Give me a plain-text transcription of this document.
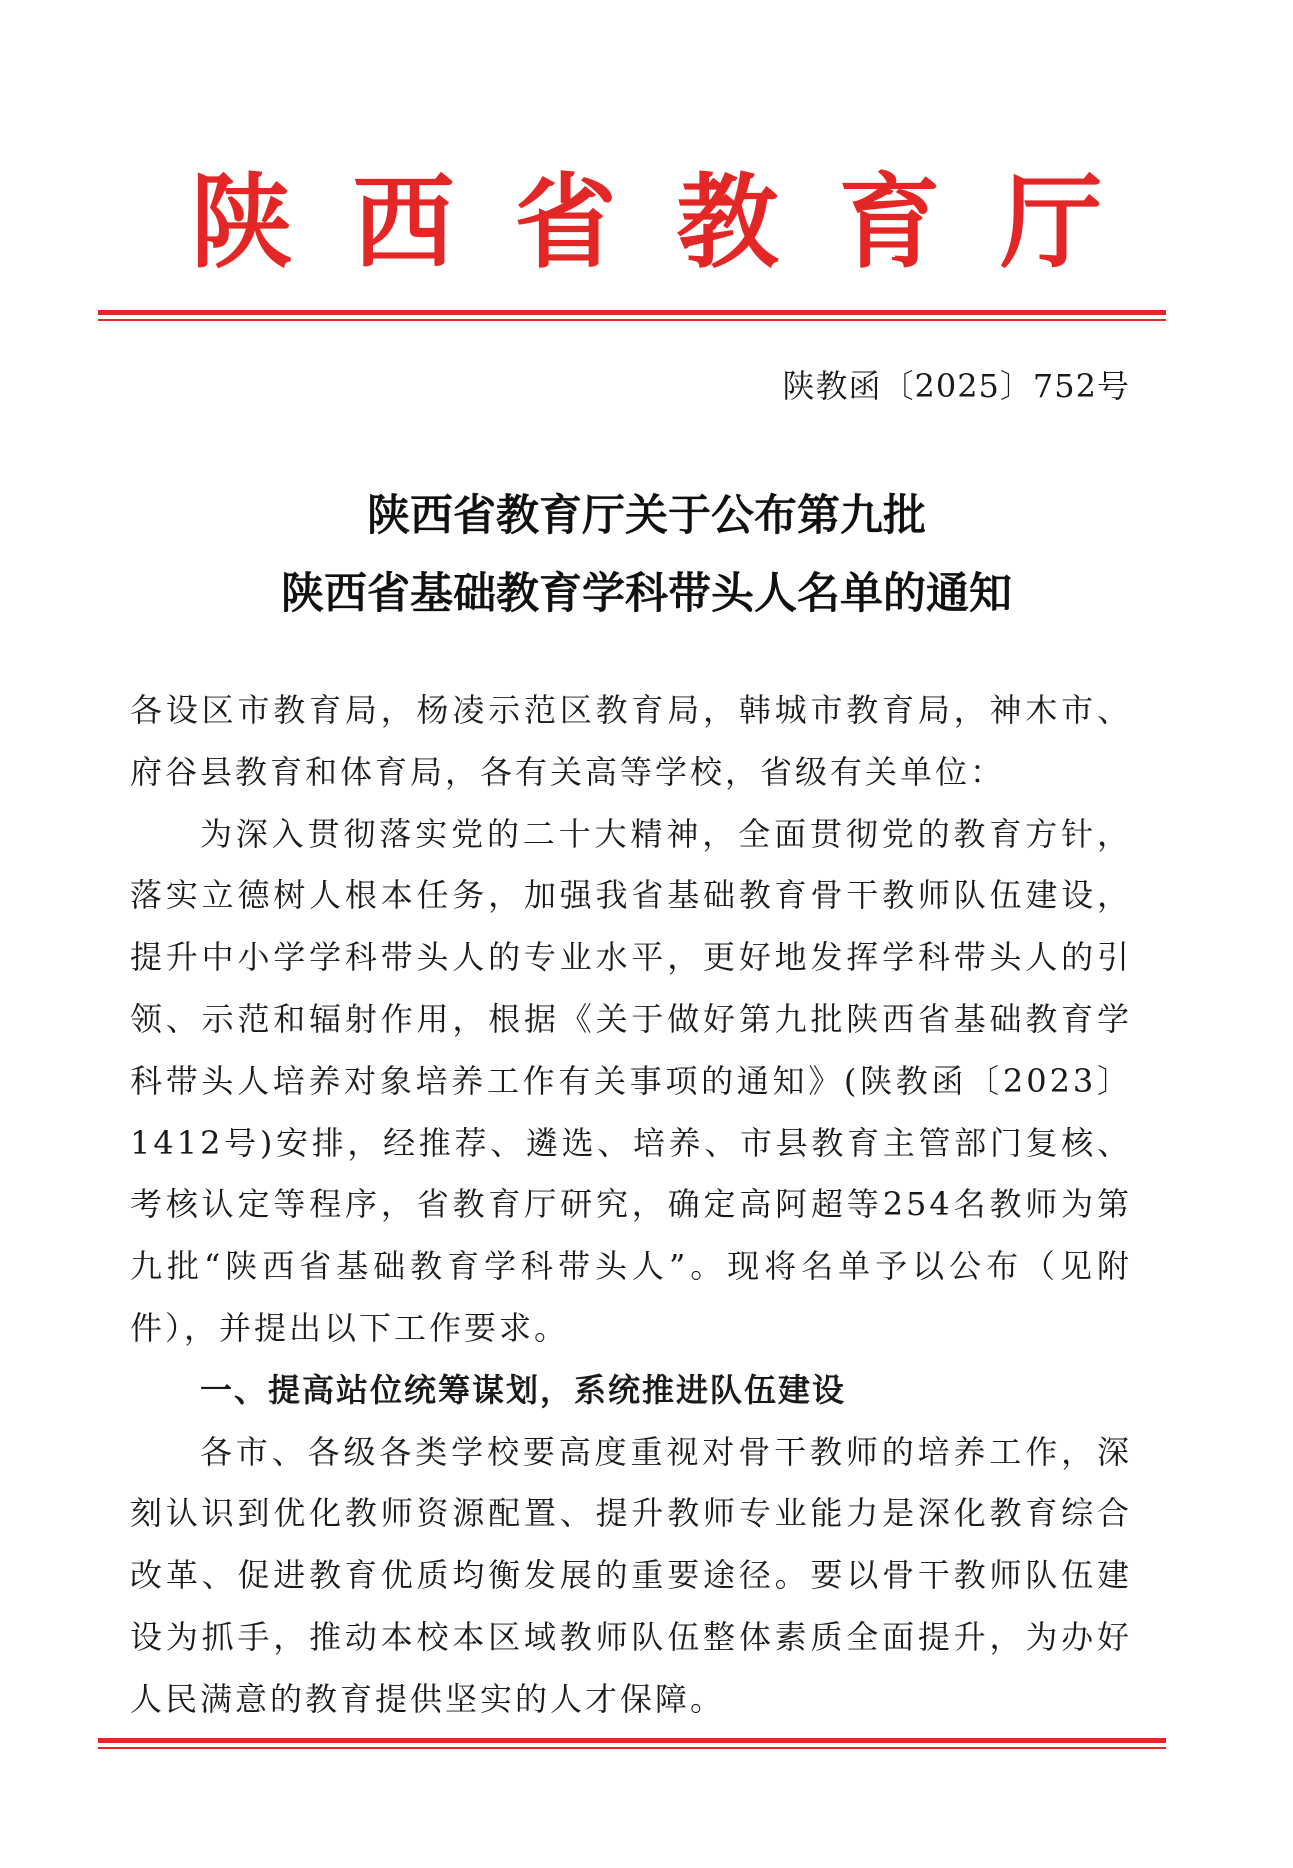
陕西省教育厅
陕教函〔2025〕752号
陕西省教育厅关于公布第九批
陕西省基础教育学科带头人名单的通知

各设区市教育局，杨凌示范区教育局，韩城市教育局，神木市、府谷县教育和体育局，各有关高等学校，省级有关单位：

为深入贯彻落实党的二十大精神，全面贯彻党的教育方针，落实立德树人根本任务，加强我省基础教育骨干教师队伍建设，提升中小学学科带头人的专业水平，更好地发挥学科带头人的引领、示范和辐射作用，根据《关于做好第九批陕西省基础教育学科带头人培养对象培养工作有关事项的通知》(陕教函〔2023〕1412号)安排，经推荐、遴选、培养、市县教育主管部门复核、考核认定等程序，省教育厅研究，确定高阿超等254名教师为第九批“陕西省基础教育学科带头人”。现将名单予以公布（见附件），并提出以下工作要求。

一、提高站位统筹谋划，系统推进队伍建设

各市、各级各类学校要高度重视对骨干教师的培养工作，深刻认识到优化教师资源配置、提升教师专业能力是深化教育综合改革、促进教育优质均衡发展的重要途径。要以骨干教师队伍建设为抓手，推动本校本区域教师队伍整体素质全面提升，为办好人民满意的教育提供坚实的人才保障。
